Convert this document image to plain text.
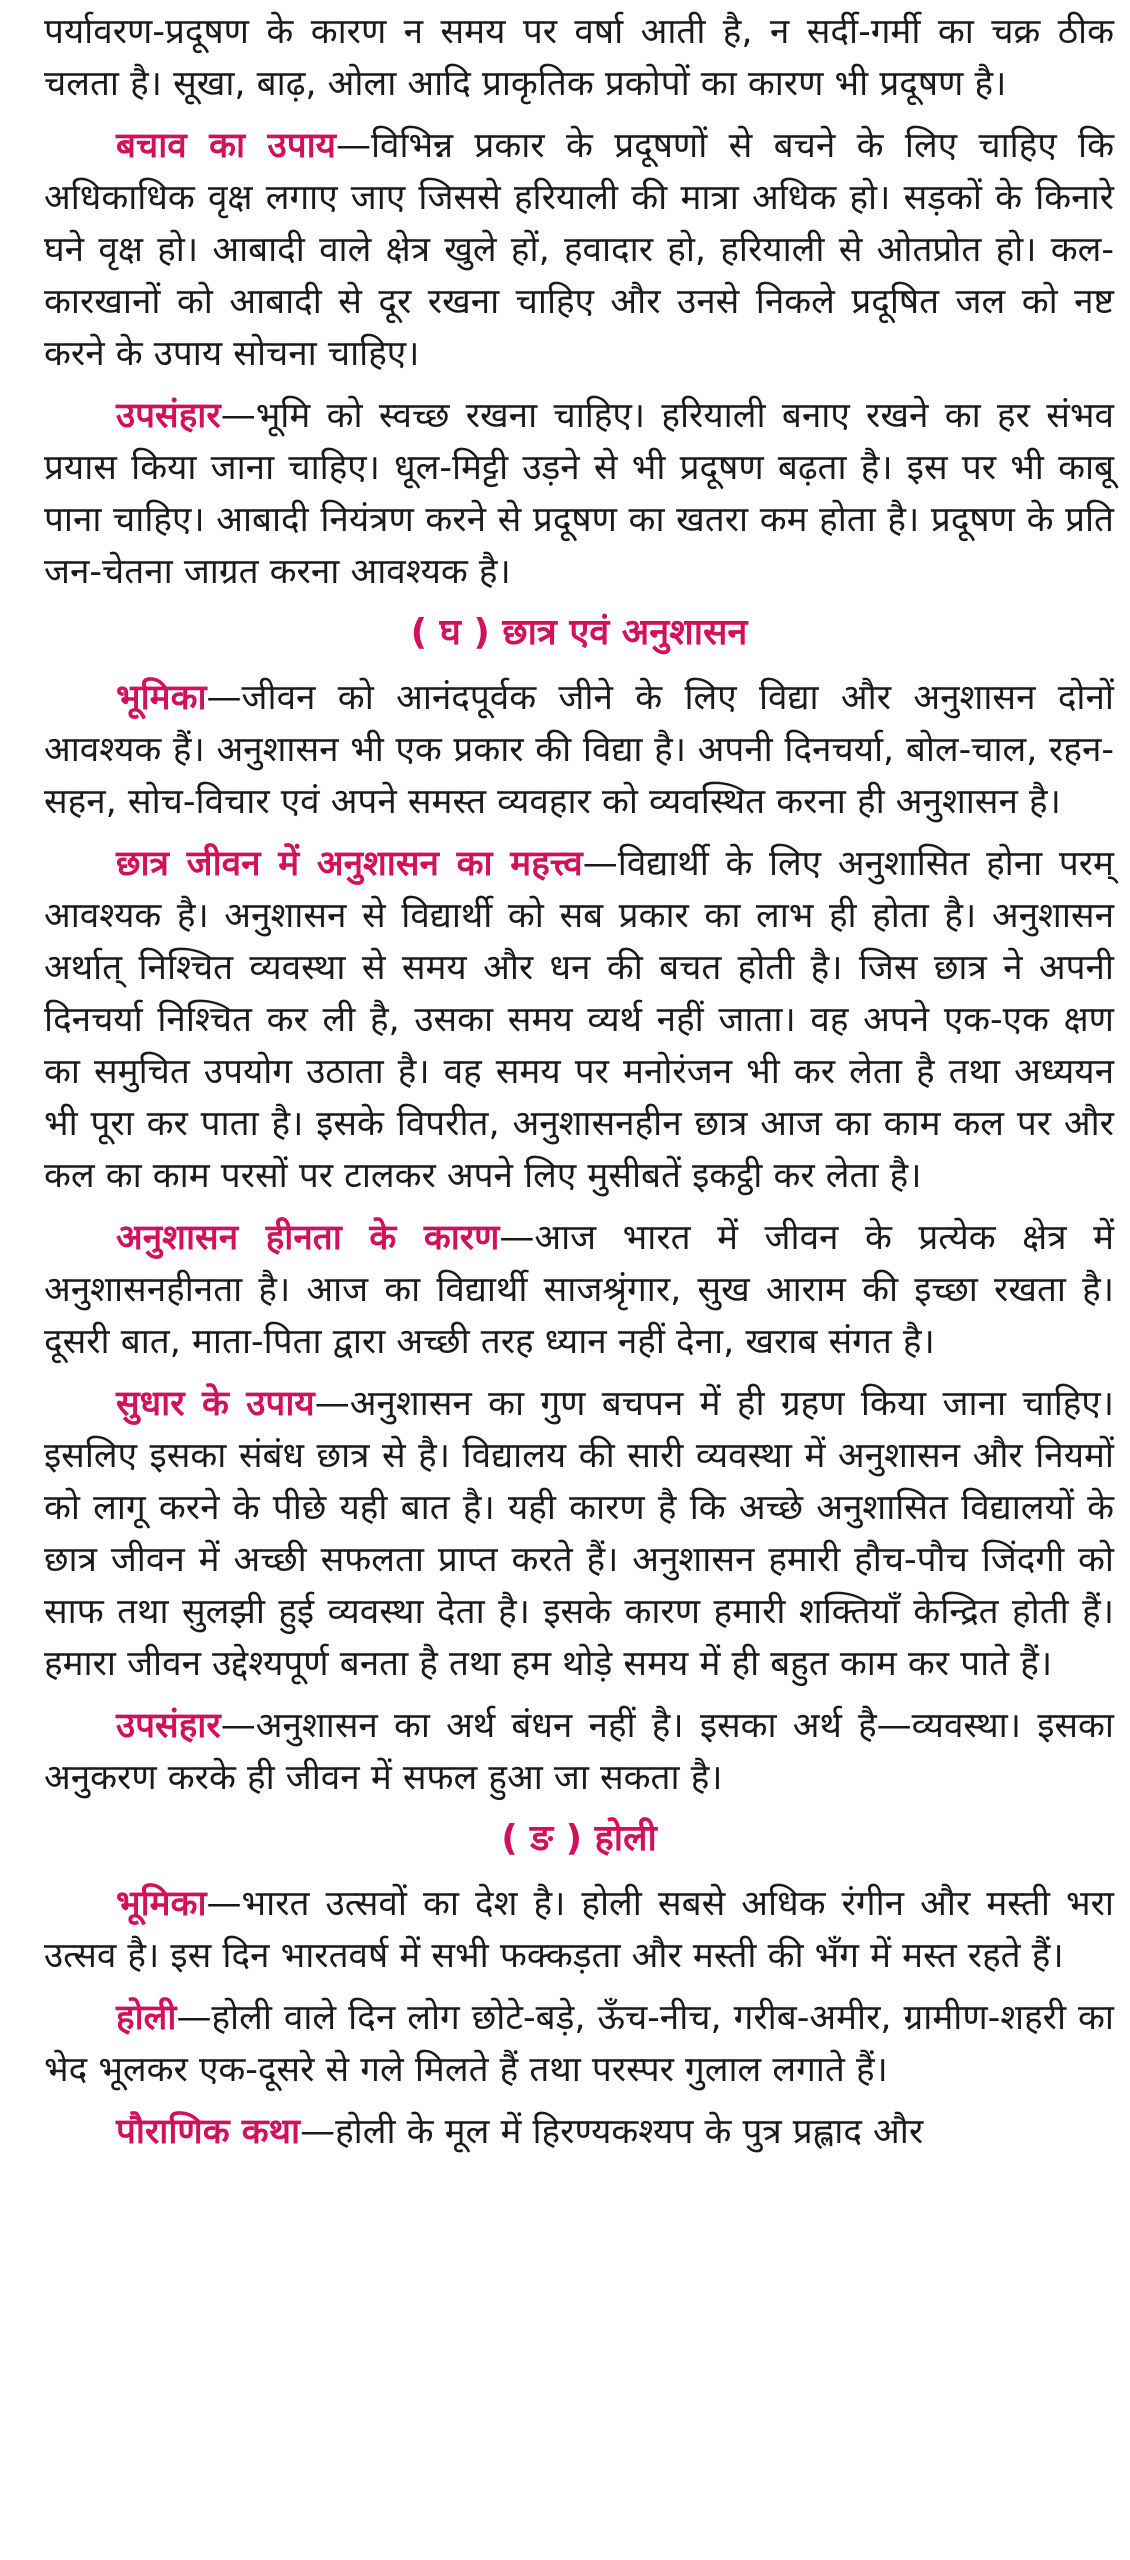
पर्यावरण-प्रदूषण के कारण न समय पर वर्षा आती है, न सर्दी-गर्मी का चक्र ठीक चलता है। सूखा, बाढ़, ओला आदि प्राकृतिक प्रकोपों का कारण भी प्रदूषण है।

बचाव का उपाय—विभिन्न प्रकार के प्रदूषणों से बचने के लिए चाहिए कि अधिकाधिक वृक्ष लगाए जाए जिससे हरियाली की मात्रा अधिक हो। सड़कों के किनारे घने वृक्ष हो। आबादी वाले क्षेत्र खुले हों, हवादार हो, हरियाली से ओतप्रोत हो। कल-कारखानों को आबादी से दूर रखना चाहिए और उनसे निकले प्रदूषित जल को नष्ट करने के उपाय सोचना चाहिए।

उपसंहार—भूमि को स्वच्छ रखना चाहिए। हरियाली बनाए रखने का हर संभव प्रयास किया जाना चाहिए। धूल-मिट्टी उड़ने से भी प्रदूषण बढ़ता है। इस पर भी काबू पाना चाहिए। आबादी नियंत्रण करने से प्रदूषण का खतरा कम होता है। प्रदूषण के प्रति जन-चेतना जाग्रत करना आवश्यक है।

( घ ) छात्र एवं अनुशासन

भूमिका—जीवन को आनंदपूर्वक जीने के लिए विद्या और अनुशासन दोनों आवश्यक हैं। अनुशासन भी एक प्रकार की विद्या है। अपनी दिनचर्या, बोल-चाल, रहन-सहन, सोच-विचार एवं अपने समस्त व्यवहार को व्यवस्थित करना ही अनुशासन है।

छात्र जीवन में अनुशासन का महत्त्व—विद्यार्थी के लिए अनुशासित होना परम् आवश्यक है। अनुशासन से विद्यार्थी को सब प्रकार का लाभ ही होता है। अनुशासन अर्थात् निश्चित व्यवस्था से समय और धन की बचत होती है। जिस छात्र ने अपनी दिनचर्या निश्चित कर ली है, उसका समय व्यर्थ नहीं जाता। वह अपने एक-एक क्षण का समुचित उपयोग उठाता है। वह समय पर मनोरंजन भी कर लेता है तथा अध्ययन भी पूरा कर पाता है। इसके विपरीत, अनुशासनहीन छात्र आज का काम कल पर और कल का काम परसों पर टालकर अपने लिए मुसीबतें इकट्ठी कर लेता है।

अनुशासन हीनता के कारण—आज भारत में जीवन के प्रत्येक क्षेत्र में अनुशासनहीनता है। आज का विद्यार्थी साजश्रृंगार, सुख आराम की इच्छा रखता है। दूसरी बात, माता-पिता द्वारा अच्छी तरह ध्यान नहीं देना, खराब संगत है।

सुधार के उपाय—अनुशासन का गुण बचपन में ही ग्रहण किया जाना चाहिए। इसलिए इसका संबंध छात्र से है। विद्यालय की सारी व्यवस्था में अनुशासन और नियमों को लागू करने के पीछे यही बात है। यही कारण है कि अच्छे अनुशासित विद्यालयों के छात्र जीवन में अच्छी सफलता प्राप्त करते हैं। अनुशासन हमारी हौच-पौच जिंदगी को साफ तथा सुलझी हुई व्यवस्था देता है। इसके कारण हमारी शक्तियाँ केन्द्रित होती हैं। हमारा जीवन उद्देश्यपूर्ण बनता है तथा हम थोड़े समय में ही बहुत काम कर पाते हैं।

उपसंहार—अनुशासन का अर्थ बंधन नहीं है। इसका अर्थ है—व्यवस्था। इसका अनुकरण करके ही जीवन में सफल हुआ जा सकता है।

( ङ ) होली

भूमिका—भारत उत्सवों का देश है। होली सबसे अधिक रंगीन और मस्ती भरा उत्सव है। इस दिन भारतवर्ष में सभी फक्कड़ता और मस्ती की भँग में मस्त रहते हैं।

होली—होली वाले दिन लोग छोटे-बड़े, ऊँच-नीच, गरीब-अमीर, ग्रामीण-शहरी का भेद भूलकर एक-दूसरे से गले मिलते हैं तथा परस्पर गुलाल लगाते हैं।

पौराणिक कथा—होली के मूल में हिरण्यकश्यप के पुत्र प्रह्लाद और
